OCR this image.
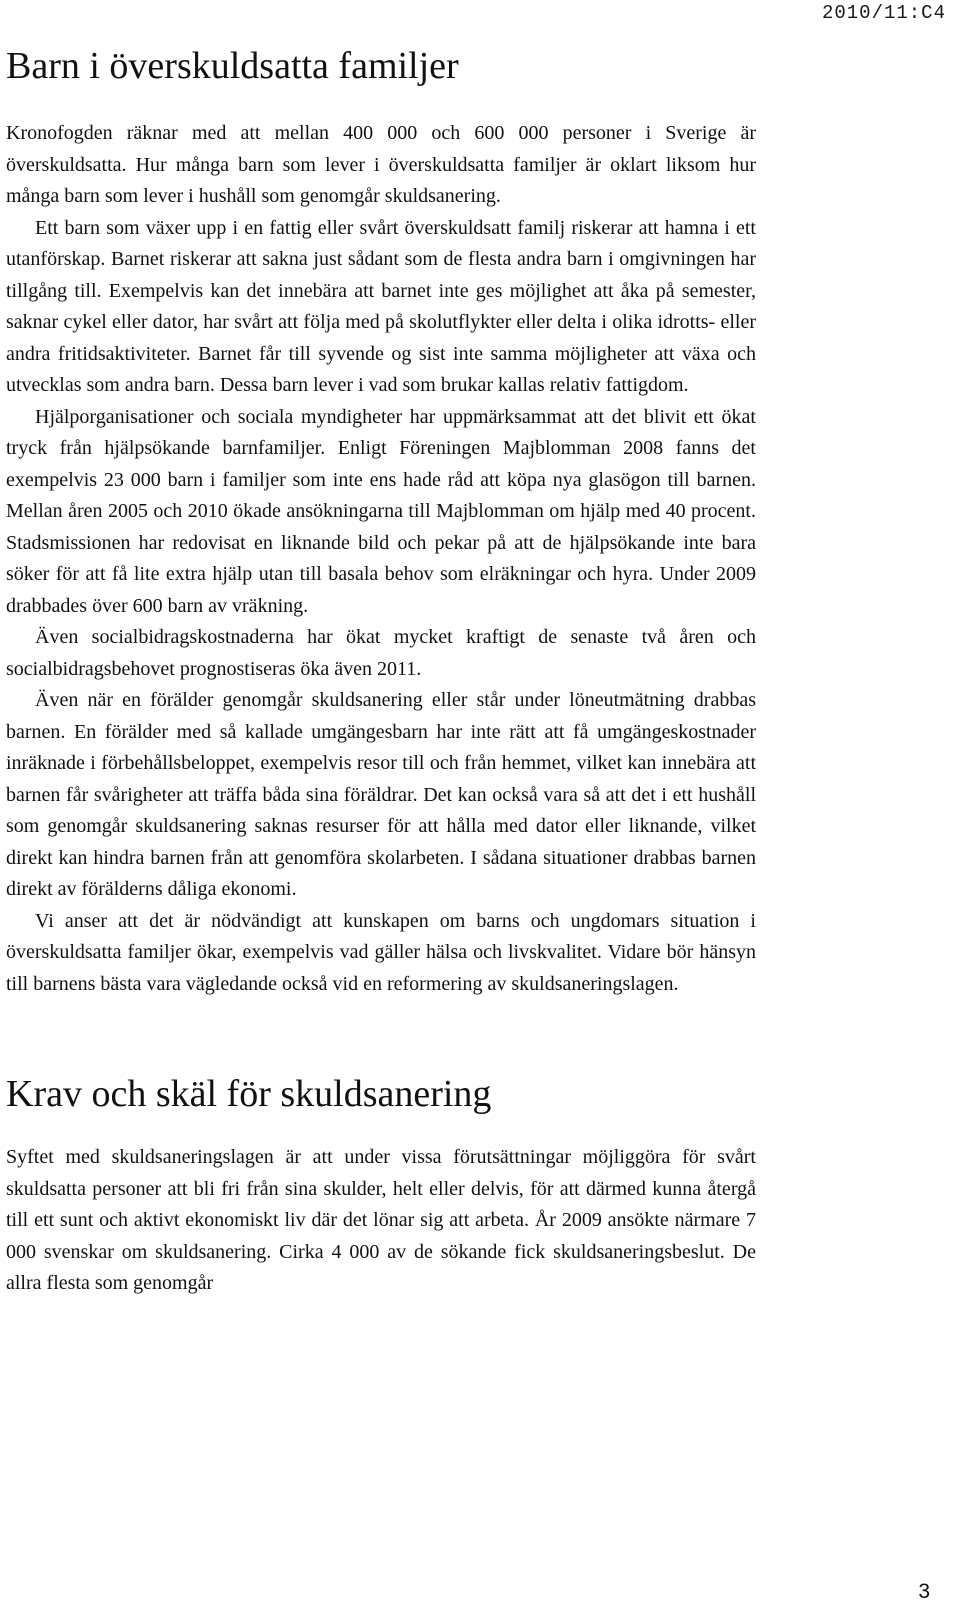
2010/11:C4
Barn i överskuldsatta familjer

Kronofogden räknar med att mellan 400 000 och 600 000 personer i Sverige är överskuldsatta. Hur många barn som lever i överskuldsatta familjer är oklart liksom hur många barn som lever i hushåll som genomgår skuldsanering.

Ett barn som växer upp i en fattig eller svårt överskuldsatt familj riskerar att hamna i ett utanförskap. Barnet riskerar att sakna just sådant som de flesta andra barn i omgivningen har tillgång till. Exempelvis kan det innebära att barnet inte ges möjlighet att åka på semester, saknar cykel eller dator, har svårt att följa med på skolutflykter eller delta i olika idrotts- eller andra fritidsaktiviteter. Barnet får till syvende og sist inte samma möjligheter att växa och utvecklas som andra barn. Dessa barn lever i vad som brukar kallas relativ fattigdom.

Hjälporganisationer och sociala myndigheter har uppmärksammat att det blivit ett ökat tryck från hjälpsökande barnfamiljer. Enligt Föreningen Majblomman 2008 fanns det exempelvis 23 000 barn i familjer som inte ens hade råd att köpa nya glasögon till barnen. Mellan åren 2005 och 2010 ökade ansökningarna till Majblomman om hjälp med 40 procent. Stadsmissionen har redovisat en liknande bild och pekar på att de hjälpsökande inte bara söker för att få lite extra hjälp utan till basala behov som elräkningar och hyra. Under 2009 drabbades över 600 barn av vräkning.

Även socialbidragskostnaderna har ökat mycket kraftigt de senaste två åren och socialbidragsbehovet prognostiseras öka även 2011.

Även när en förälder genomgår skuldsanering eller står under löneutmätning drabbas barnen. En förälder med så kallade umgängesbarn har inte rätt att få umgängeskostnader inräknade i förbehållsbeloppet, exempelvis resor till och från hemmet, vilket kan innebära att barnen får svårigheter att träffa båda sina föräldrar. Det kan också vara så att det i ett hushåll som genomgår skuldsanering saknas resurser för att hålla med dator eller liknande, vilket direkt kan hindra barnen från att genomföra skolarbeten. I sådana situationer drabbas barnen direkt av förälderns dåliga ekonomi.

Vi anser att det är nödvändigt att kunskapen om barns och ungdomars situation i överskuldsatta familjer ökar, exempelvis vad gäller hälsa och livskvalitet. Vidare bör hänsyn till barnens bästa vara vägledande också vid en reformering av skuldsaneringslagen.

Krav och skäl för skuldsanering

Syftet med skuldsaneringslagen är att under vissa förutsättningar möjliggöra för svårt skuldsatta personer att bli fri från sina skulder, helt eller delvis, för att därmed kunna återgå till ett sunt och aktivt ekonomiskt liv där det lönar sig att arbeta. År 2009 ansökte närmare 7 000 svenskar om skuldsanering. Cirka 4 000 av de sökande fick skuldsaneringsbeslut. De allra flesta som genomgår

3
